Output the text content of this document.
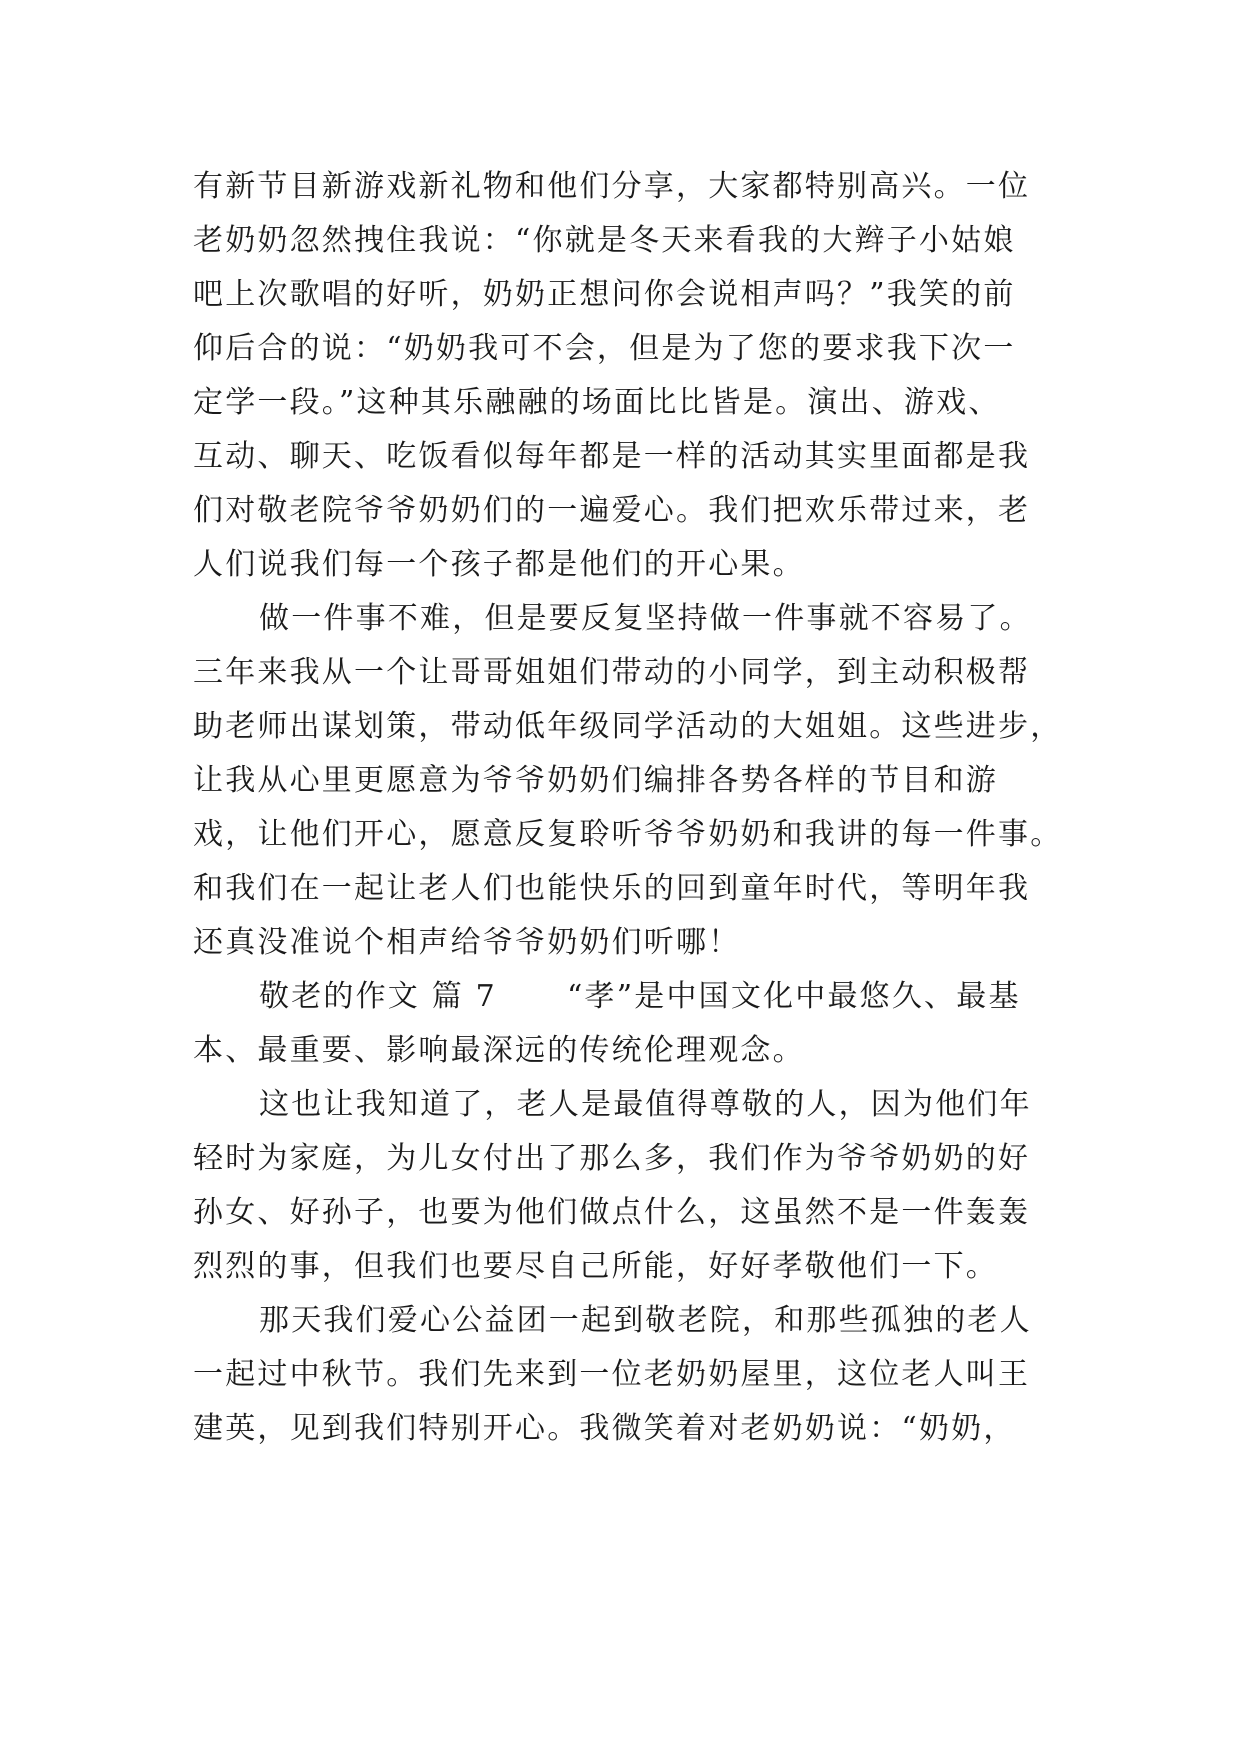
有新节目新游戏新礼物和他们分享，大家都特别高兴。一位
老奶奶忽然拽住我说：“你就是冬天来看我的大辫子小姑娘
吧上次歌唱的好听，奶奶正想问你会说相声吗？”我笑的前
仰后合的说：“奶奶我可不会，但是为了您的要求我下次一
定学一段。”这种其乐融融的场面比比皆是。演出、游戏、
互动、聊天、吃饭看似每年都是一样的活动其实里面都是我
们对敬老院爷爷奶奶们的一遍爱心。我们把欢乐带过来，老
人们说我们每一个孩子都是他们的开心果。
做一件事不难，但是要反复坚持做一件事就不容易了。
三年来我从一个让哥哥姐姐们带动的小同学，到主动积极帮
助老师出谋划策，带动低年级同学活动的大姐姐。这些进步，
让我从心里更愿意为爷爷奶奶们编排各势各样的节目和游
戏，让他们开心，愿意反复聆听爷爷奶奶和我讲的每一件事。
和我们在一起让老人们也能快乐的回到童年时代，等明年我
还真没准说个相声给爷爷奶奶们听哪！
敬老的作文 篇 7 “孝”是中国文化中最悠久、最基
本、最重要、影响最深远的传统伦理观念。
这也让我知道了，老人是最值得尊敬的人，因为他们年
轻时为家庭，为儿女付出了那么多，我们作为爷爷奶奶的好
孙女、好孙子，也要为他们做点什么，这虽然不是一件轰轰
烈烈的事，但我们也要尽自己所能，好好孝敬他们一下。
那天我们爱心公益团一起到敬老院，和那些孤独的老人
一起过中秋节。我们先来到一位老奶奶屋里，这位老人叫王
建英，见到我们特别开心。我微笑着对老奶奶说：“奶奶，
